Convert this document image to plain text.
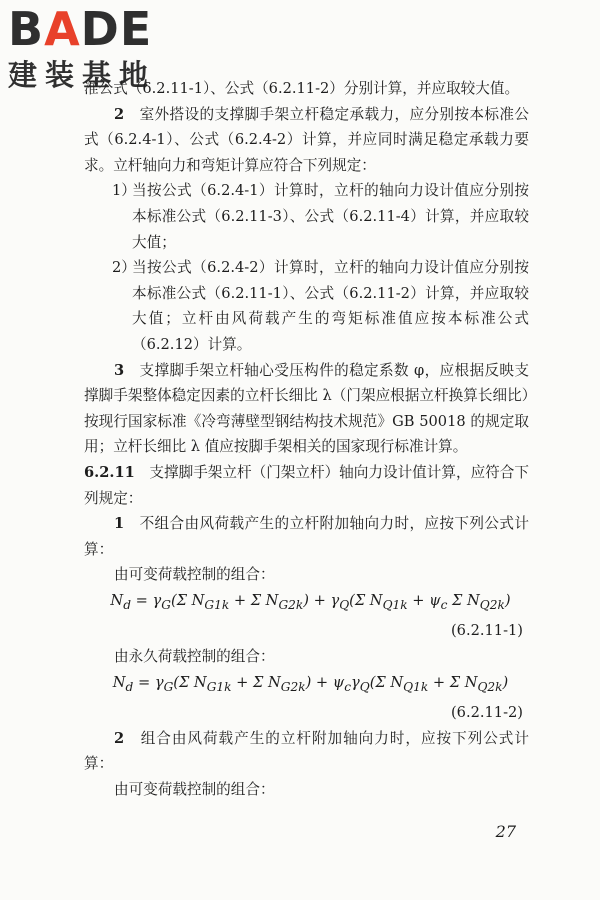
BADE
建装基地

准公式（6.2.11-1）、公式（6.2.11-2）分别计算，并应取较大值。

2　 室外搭设的支撑脚手架立杆稳定承载力，应分别按本标准公式（6.2.4-1）、公式（6.2.4-2）计算，并应同时满足稳定承载力要求。立杆轴向力和弯矩计算应符合下列规定：

1）
当按公式（6.2.4-1）计算时，立杆的轴向力设计值应分别按本标准公式（6.2.11-3）、公式（6.2.11-4）计算，并应取较大值；

2）
当按公式（6.2.4-2）计算时，立杆的轴向力设计值应分别按本标准公式（6.2.11-1）、公式（6.2.11-2）计算，并应取较大值；立杆由风荷载产生的弯矩标准值应按本标准公式（6.2.12）计算。

3　 支撑脚手架立杆轴心受压构件的稳定系数 φ，应根据反映支撑脚手架整体稳定因素的立杆长细比 λ（门架应根据立杆换算长细比）按现行国家标准《冷弯薄壁型钢结构技术规范》GB 50018 的规定取用；立杆长细比 λ 值应按脚手架相关的国家现行标准计算。

6.2.11　 支撑脚手架立杆（门架立杆）轴向力设计值计算，应符合下列规定：

1　 不组合由风荷载产生的立杆附加轴向力时，应按下列公式计算：

由可变荷载控制的组合：

$N_d = \gamma_G(\Sigma$ $N_{G1k} + \Sigma$ $N_{G2k}) + \gamma_Q(\Sigma$ $N_{Q1k} + \psi_c$ Σ $N_{Q2k}$)

(6.2.11-1)

由永久荷载控制的组合：

$N_d = \gamma_G(\Sigma$ $N_{G1k} + \Sigma$ $N_{G2k}) + \psi_c\gamma_Q(\Sigma$ $N_{Q1k} + \Sigma$ $N_{Q2k}$)

(6.2.11-2)

2　 组合由风荷载产生的立杆附加轴向力时，应按下列公式计算：

由可变荷载控制的组合：

27
